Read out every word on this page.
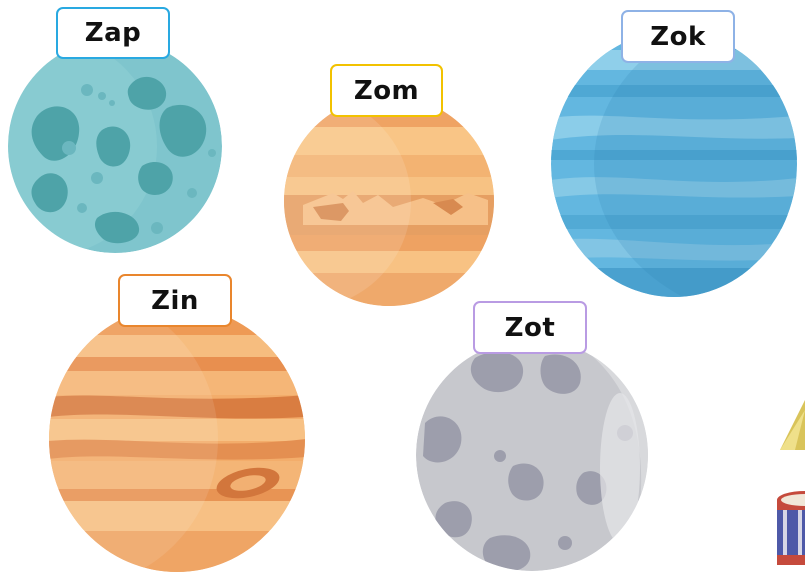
Zap
Zom
Zok
Zin
Zot
